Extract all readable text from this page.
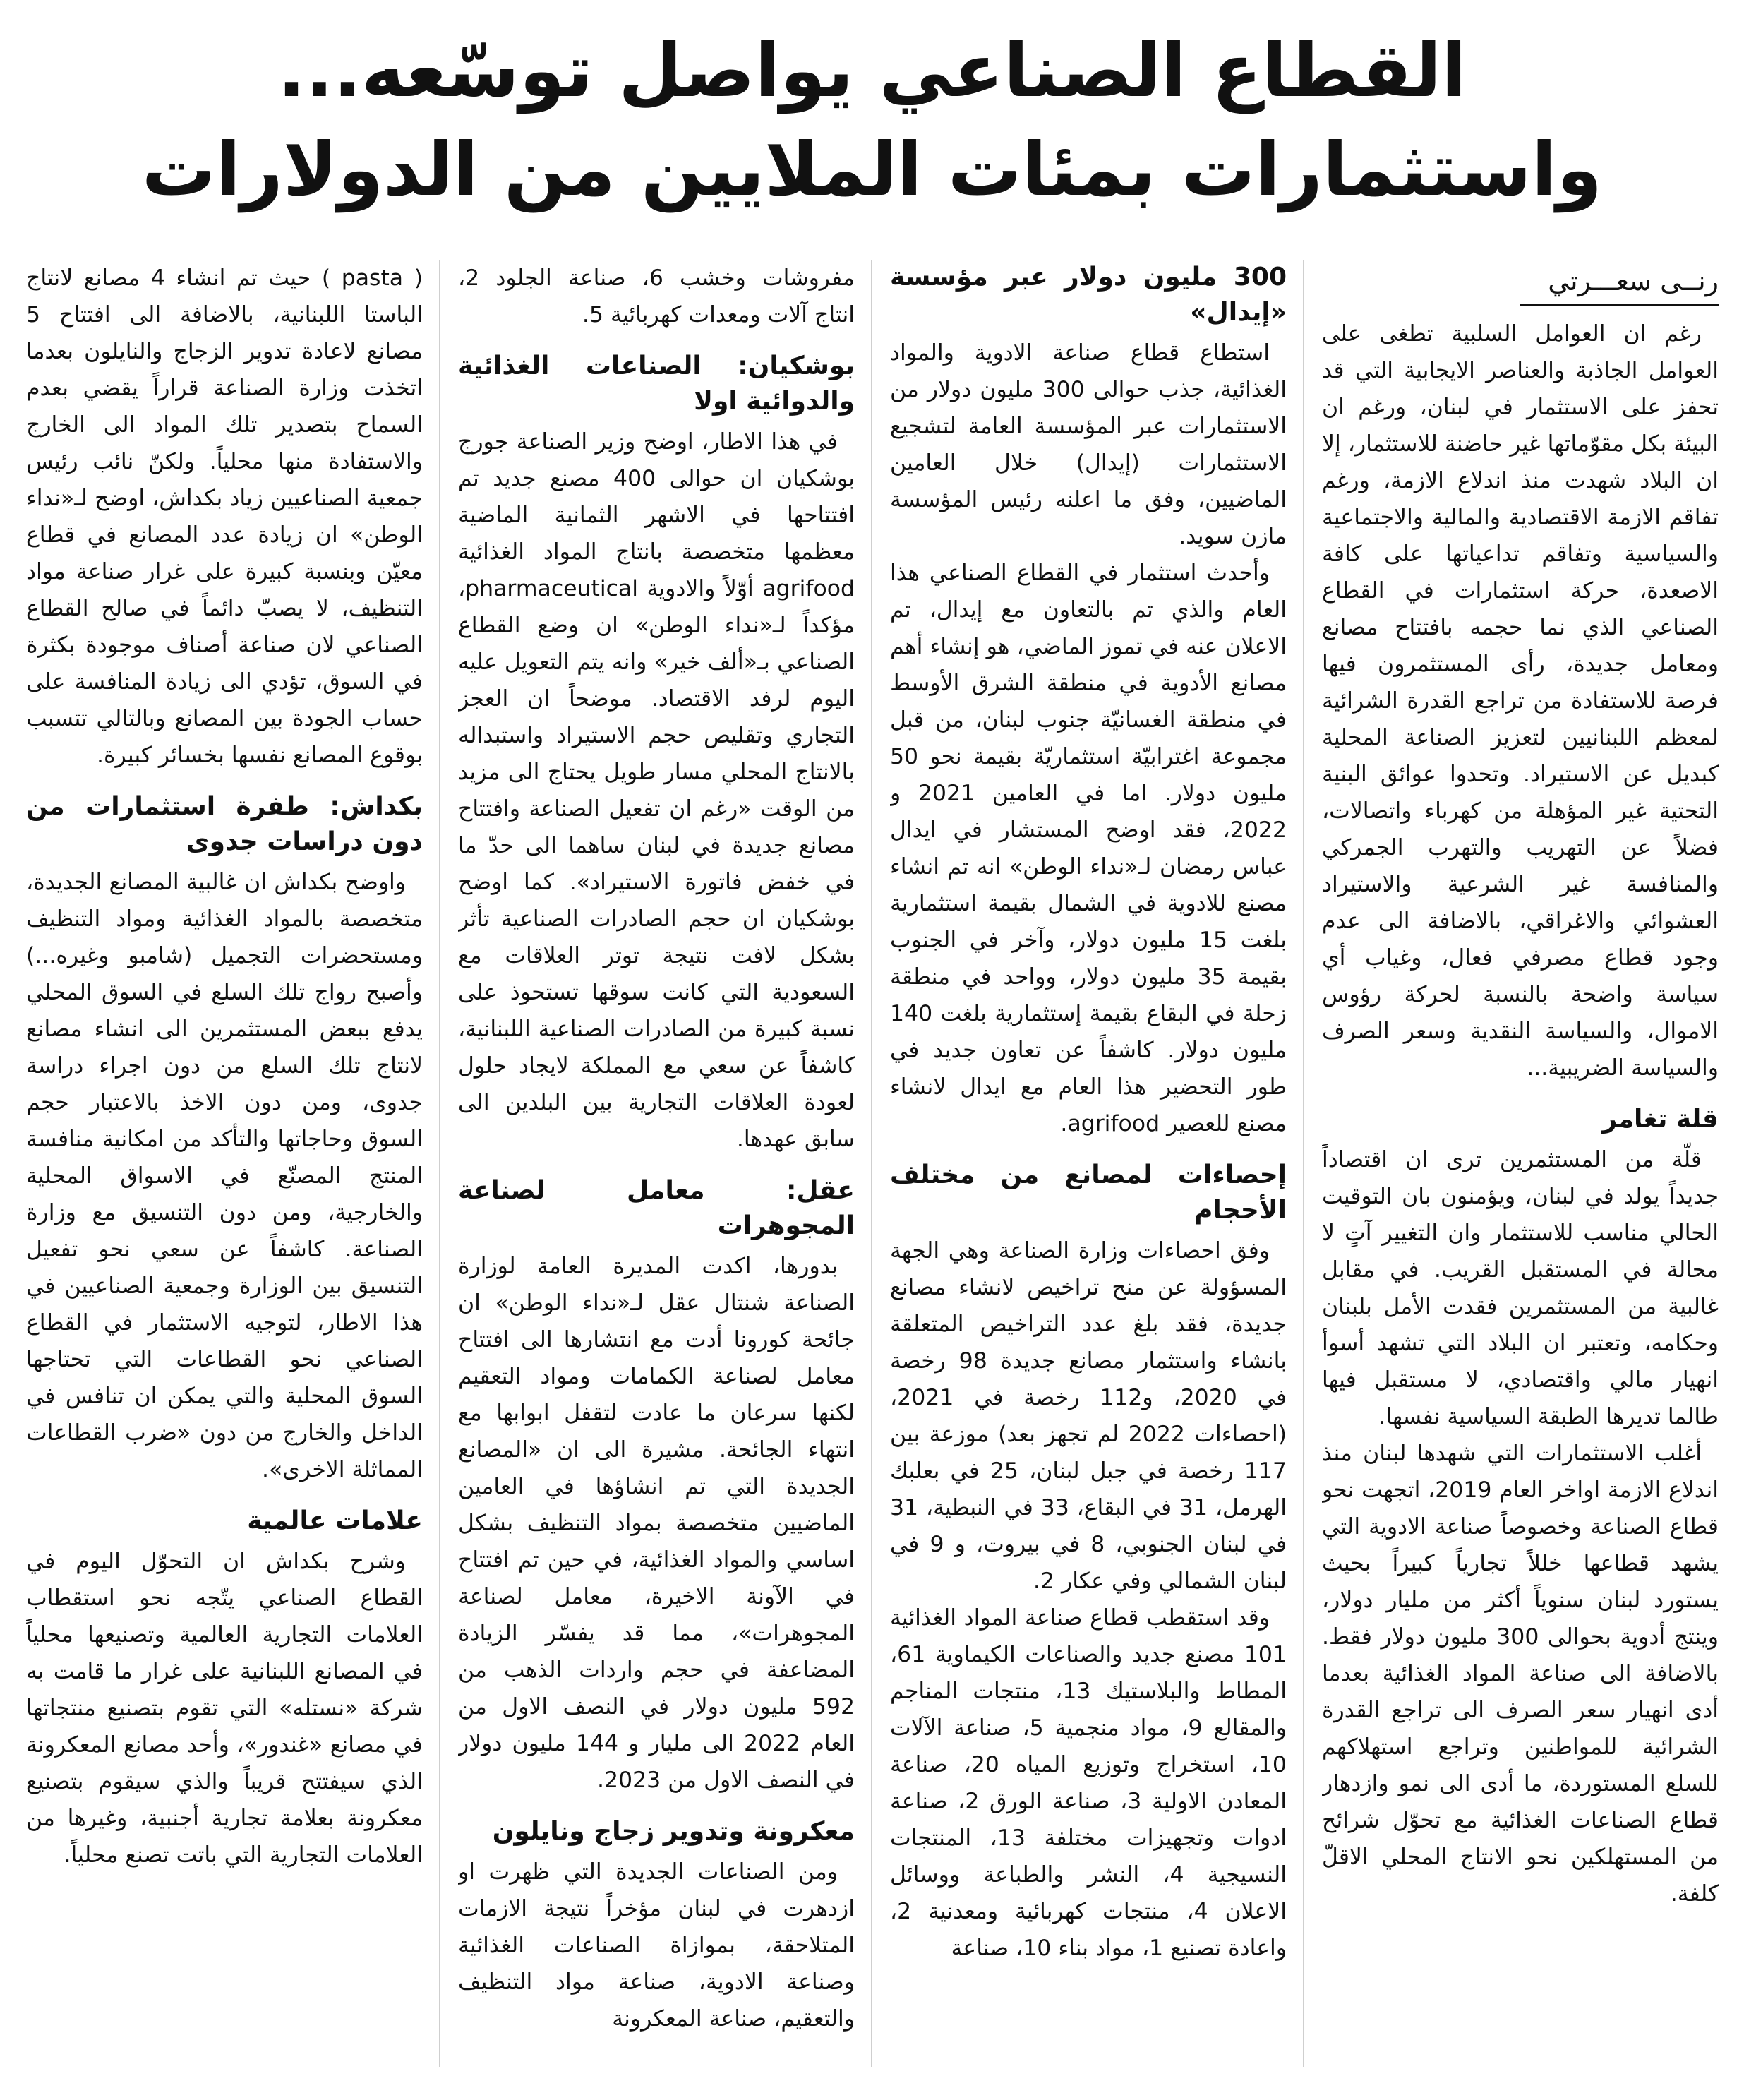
القطاع الصناعي يواصل توسّعه...
واستثمارات بمئات الملايين من الدولارات
رنــى سعـــرتي

رغم ان العوامل السلبية تطغى على العوامل الجاذبة والعناصر الايجابية التي قد تحفز على الاستثمار في لبنان، ورغم ان البيئة بكل مقوّماتها غير حاضنة للاستثمار، إلا ان البلاد شهدت منذ اندلاع الازمة، ورغم تفاقم الازمة الاقتصادية والمالية والاجتماعية والسياسية وتفاقم تداعياتها على كافة الاصعدة، حركة استثمارات في القطاع الصناعي الذي نما حجمه بافتتاح مصانع ومعامل جديدة، رأى المستثمرون فيها فرصة للاستفادة من تراجع القدرة الشرائية لمعظم اللبنانيين لتعزيز الصناعة المحلية كبديل عن الاستيراد. وتحدوا عوائق البنية التحتية غير المؤهلة من كهرباء واتصالات، فضلاً عن التهريب والتهرب الجمركي والمنافسة غير الشرعية والاستيراد العشوائي والاغراقي، بالاضافة الى عدم وجود قطاع مصرفي فعال، وغياب أي سياسة واضحة بالنسبة لحركة رؤوس الاموال، والسياسة النقدية وسعر الصرف والسياسة الضريبية...

قلة تغامر

قلّة من المستثمرين ترى ان اقتصاداً جديداً يولد في لبنان، ويؤمنون بان التوقيت الحالي مناسب للاستثمار وان التغيير آتٍ لا محالة في المستقبل القريب. في مقابل غالبية من المستثمرين فقدت الأمل بلبنان وحكامه، وتعتبر ان البلاد التي تشهد أسوأ انهيار مالي واقتصادي، لا مستقبل فيها طالما تديرها الطبقة السياسية نفسها.

أغلب الاستثمارات التي شهدها لبنان منذ اندلاع الازمة اواخر العام 2019، اتجهت نحو قطاع الصناعة وخصوصاً صناعة الادوية التي يشهد قطاعها خللاً تجارياً كبيراً بحيث يستورد لبنان سنوياً أكثر من مليار دولار، وينتج أدوية بحوالى 300 مليون دولار فقط. بالاضافة الى صناعة المواد الغذائية بعدما أدى انهيار سعر الصرف الى تراجع القدرة الشرائية للمواطنين وتراجع استهلاكهم للسلع المستوردة، ما أدى الى نمو وازدهار قطاع الصناعات الغذائية مع تحوّل شرائح من المستهلكين نحو الانتاج المحلي الاقلّ كلفة.

300 مليون دولار عبر مؤسسة «إيدال»

استطاع قطاع صناعة الادوية والمواد الغذائية، جذب حوالى 300 مليون دولار من الاستثمارات عبر المؤسسة العامة لتشجيع الاستثمارات (إيدال) خلال العامين الماضيين، وفق ما اعلنه رئيس المؤسسة مازن سويد.

وأحدث استثمار في القطاع الصناعي هذا العام والذي تم بالتعاون مع إيدال، تم الاعلان عنه في تموز الماضي، هو إنشاء أهم مصانع الأدوية في منطقة الشرق الأوسط في منطقة الغسانيّة جنوب لبنان، من قبل مجموعة اغترابيّة استثماريّة بقيمة نحو 50 مليون دولار. اما في العامين 2021 و 2022، فقد اوضح المستشار في ايدال عباس رمضان لـ«نداء الوطن» انه تم انشاء مصنع للادوية في الشمال بقيمة استثمارية بلغت 15 مليون دولار، وآخر في الجنوب بقيمة 35 مليون دولار، وواحد في منطقة زحلة في البقاع بقيمة إستثمارية بلغت 140 مليون دولار. كاشفاً عن تعاون جديد في طور التحضير هذا العام مع ايدال لانشاء مصنع للعصير agrifood.

إحصاءات لمصانع من مختلف الأحجام

وفق احصاءات وزارة الصناعة وهي الجهة المسؤولة عن منح تراخيص لانشاء مصانع جديدة، فقد بلغ عدد التراخيص المتعلقة بانشاء واستثمار مصانع جديدة 98 رخصة في 2020، و112 رخصة في 2021، (احصاءات 2022 لم تجهز بعد) موزعة بين 117 رخصة في جبل لبنان، 25 في بعلبك الهرمل، 31 في البقاع، 33 في النبطية، 31 في لبنان الجنوبي، 8 في بيروت، و 9 في لبنان الشمالي وفي عكار 2.

وقد استقطب قطاع صناعة المواد الغذائية 101 مصنع جديد والصناعات الكيماوية 61، المطاط والبلاستيك 13، منتجات المناجم والمقالع 9، مواد منجمية 5، صناعة الآلات 10، استخراج وتوزيع المياه 20، صناعة المعادن الاولية 3، صناعة الورق 2، صناعة ادوات وتجهيزات مختلفة 13، المنتجات النسيجية 4، النشر والطباعة ووسائل الاعلان 4، منتجات كهربائية ومعدنية 2، واعادة تصنيع 1، مواد بناء 10، صناعة

مفروشات وخشب 6، صناعة الجلود 2، انتاج آلات ومعدات كهربائية 5.

بوشكيان: الصناعات الغذائية والدوائية اولا

في هذا الاطار، اوضح وزير الصناعة جورج بوشكيان ان حوالى 400 مصنع جديد تم افتتاحها في الاشهر الثمانية الماضية معظمها متخصصة بانتاج المواد الغذائية agrifood أوّلاً والادوية pharmaceutical، مؤكداً لـ«نداء الوطن» ان وضع القطاع الصناعي بـ«ألف خير» وانه يتم التعويل عليه اليوم لرفد الاقتصاد. موضحاً ان العجز التجاري وتقليص حجم الاستيراد واستبداله بالانتاج المحلي مسار طويل يحتاج الى مزيد من الوقت «رغم ان تفعيل الصناعة وافتتاح مصانع جديدة في لبنان ساهما الى حدّ ما في خفض فاتورة الاستيراد». كما اوضح بوشكيان ان حجم الصادرات الصناعية تأثر بشكل لافت نتيجة توتر العلاقات مع السعودية التي كانت سوقها تستحوذ على نسبة كبيرة من الصادرات الصناعية اللبنانية، كاشفاً عن سعي مع المملكة لايجاد حلول لعودة العلاقات التجارية بين البلدين الى سابق عهدها.

عقل: معامل لصناعة المجوهرات

بدورها، اكدت المديرة العامة لوزارة الصناعة شنتال عقل لـ«نداء الوطن» ان جائحة كورونا أدت مع انتشارها الى افتتاح معامل لصناعة الكمامات ومواد التعقيم لكنها سرعان ما عادت لتقفل ابوابها مع انتهاء الجائحة. مشيرة الى ان «المصانع الجديدة التي تم انشاؤها في العامين الماضيين متخصصة بمواد التنظيف بشكل اساسي والمواد الغذائية، في حين تم افتتاح في الآونة الاخيرة، معامل لصناعة المجوهرات»، مما قد يفسّر الزيادة المضاعفة في حجم واردات الذهب من 592 مليون دولار في النصف الاول من العام 2022 الى مليار و 144 مليون دولار في النصف الاول من 2023.

معكرونة وتدوير زجاج ونايلون

ومن الصناعات الجديدة التي ظهرت او ازدهرت في لبنان مؤخراً نتيجة الازمات المتلاحقة، بموازاة الصناعات الغذائية وصناعة الادوية، صناعة مواد التنظيف والتعقيم، صناعة المعكرونة

( pasta ) حيث تم انشاء 4 مصانع لانتاج الباستا اللبنانية، بالاضافة الى افتتاح 5 مصانع لاعادة تدوير الزجاج والنايلون بعدما اتخذت وزارة الصناعة قراراً يقضي بعدم السماح بتصدير تلك المواد الى الخارج والاستفادة منها محلياً. ولكنّ نائب رئيس جمعية الصناعيين زياد بكداش، اوضح لـ«نداء الوطن» ان زيادة عدد المصانع في قطاع معيّن وبنسبة كبيرة على غرار صناعة مواد التنظيف، لا يصبّ دائماً في صالح القطاع الصناعي لان صناعة أصناف موجودة بكثرة في السوق، تؤدي الى زيادة المنافسة على حساب الجودة بين المصانع وبالتالي تتسبب بوقوع المصانع نفسها بخسائر كبيرة.

بكداش: طفرة استثمارات من دون دراسات جدوى

واوضح بكداش ان غالبية المصانع الجديدة، متخصصة بالمواد الغذائية ومواد التنظيف ومستحضرات التجميل (شامبو وغيره...) وأصبح رواج تلك السلع في السوق المحلي يدفع ببعض المستثمرين الى انشاء مصانع لانتاج تلك السلع من دون اجراء دراسة جدوى، ومن دون الاخذ بالاعتبار حجم السوق وحاجاتها والتأكد من امكانية منافسة المنتج المصنّع في الاسواق المحلية والخارجية، ومن دون التنسيق مع وزارة الصناعة. كاشفاً عن سعي نحو تفعيل التنسيق بين الوزارة وجمعية الصناعيين في هذا الاطار، لتوجيه الاستثمار في القطاع الصناعي نحو القطاعات التي تحتاجها السوق المحلية والتي يمكن ان تنافس في الداخل والخارج من دون «ضرب القطاعات المماثلة الاخرى».

علامات عالمية

وشرح بكداش ان التحوّل اليوم في القطاع الصناعي يتّجه نحو استقطاب العلامات التجارية العالمية وتصنيعها محلياً في المصانع اللبنانية على غرار ما قامت به شركة «نستله» التي تقوم بتصنيع منتجاتها في مصانع «غندور»، وأحد مصانع المعكرونة الذي سيفتتح قريباً والذي سيقوم بتصنيع معكرونة بعلامة تجارية أجنبية، وغيرها من العلامات التجارية التي باتت تصنع محلياً.
